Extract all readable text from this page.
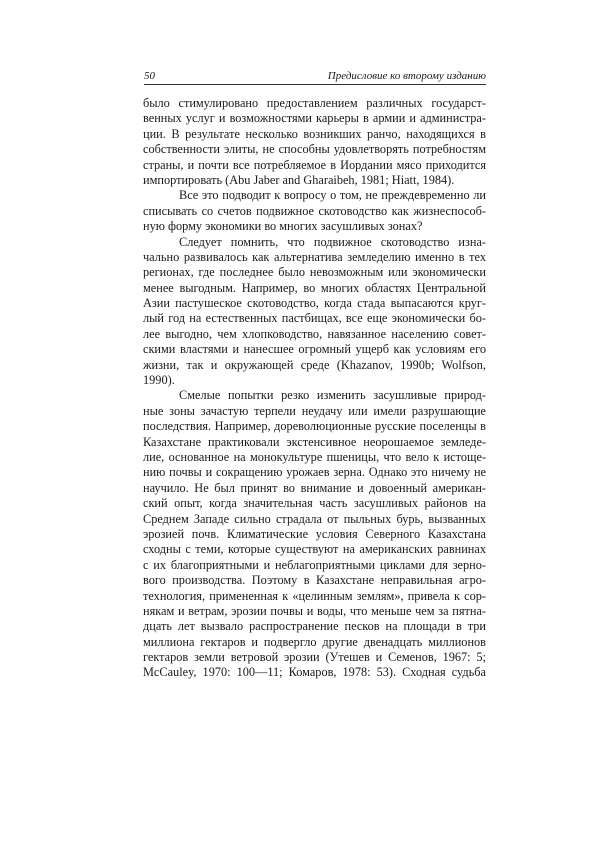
50	Предисловие ко второму изданию
было стимулировано предоставлением различных государст-
венных услуг и возможностями карьеры в армии и администра-
ции. В результате несколько возникших ранчо, находящихся в
собственности элиты, не способны удовлетворять потребностям
страны, и почти все потребляемое в Иордании мясо приходится
импортировать (Abu Jaber and Gharaibeh, 1981; Hiatt, 1984).
Все это подводит к вопросу о том, не преждевременно ли
списывать со счетов подвижное скотоводство как жизнеспособ-
ную форму экономики во многих засушливых зонах?
Следует помнить, что подвижное скотоводство изна-
чально развивалось как альтернатива земледелию именно в тех
регионах, где последнее было невозможным или экономически
менее выгодным. Например, во многих областях Центральной
Азии пастушеское скотоводство, когда стада выпасаются круг-
лый год на естественных пастбищах, все еще экономически бо-
лее выгодно, чем хлопководство, навязанное населению совет-
скими властями и нанесшее огромный ущерб как условиям его
жизни, так и окружающей среде (Khazanov, 1990b; Wolfson,
1990).
Смелые попытки резко изменить засушливые природ-
ные зоны зачастую терпели неудачу или имели разрушающие
последствия. Например, дореволюционные русские поселенцы в
Казахстане практиковали экстенсивное неорошаемое земледе-
лие, основанное на монокультуре пшеницы, что вело к истоще-
нию почвы и сокращению урожаев зерна. Однако это ничему не
научило. Не был принят во внимание и довоенный американ-
ский опыт, когда значительная часть засушливых районов на
Среднем Западе сильно страдала от пыльных бурь, вызванных
эрозией почв. Климатические условия Северного Казахстана
сходны с теми, которые существуют на американских равнинах
с их благоприятными и неблагоприятными циклами для зерно-
вого производства. Поэтому в Казахстане неправильная агро-
технология, примененная к «целинным землям», привела к сор-
някам и ветрам, эрозии почвы и воды, что меньше чем за пятна-
дцать лет вызвало распространение песков на площади в три
миллиона гектаров и подвергло другие двенадцать миллионов
гектаров земли ветровой эрозии (Утешев и Семенов, 1967: 5;
McCauley, 1970: 100—11; Комаров, 1978: 53). Сходная судьба
